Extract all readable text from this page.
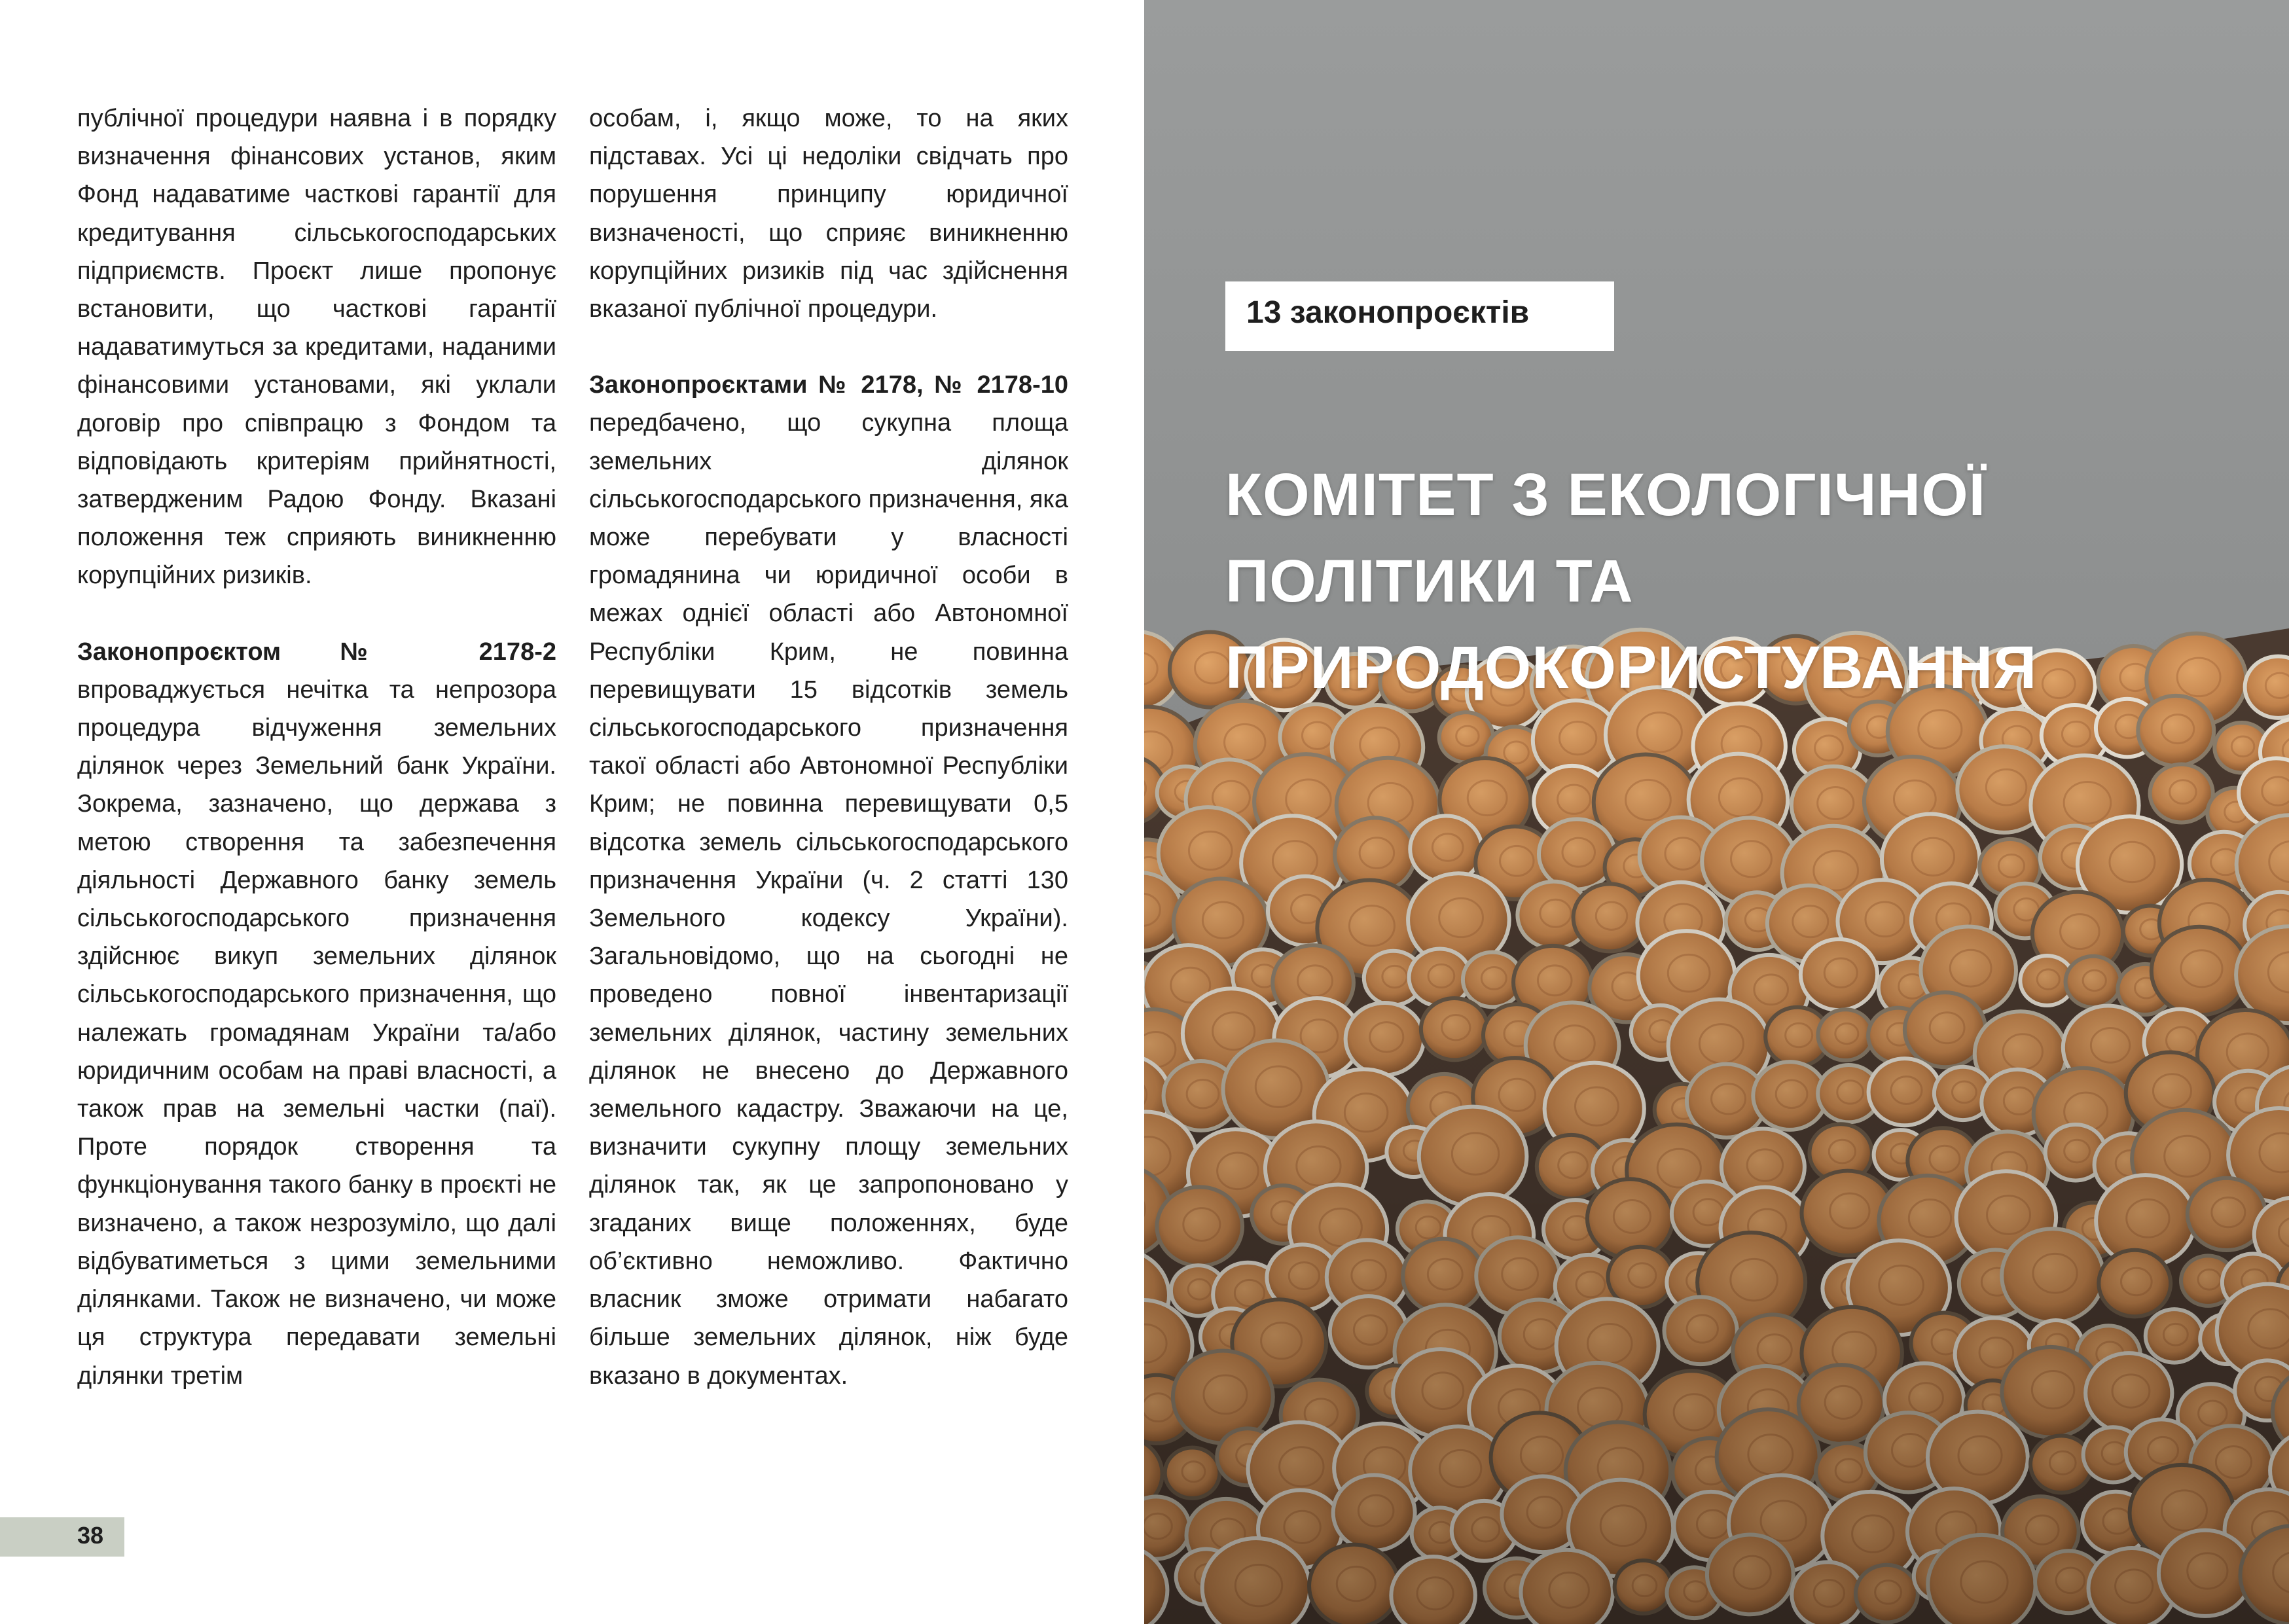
публічної процедури наявна і в порядку визначення фінансових установ, яким Фонд надаватиме часткові гарантії для кредитування сільськогосподарських підприємств. Проєкт лише пропонує встановити, що часткові гарантії надаватимуться за кредитами, наданими фінансовими установами, які уклали договір про співпрацю з Фондом та відповідають критеріям прийнятності, затвердженим Радою Фонду. Вказані положення теж сприяють виникненню корупційних ризиків.

Законопроєктом № 2178-2 впроваджується нечітка та непрозора процедура відчуження земельних ділянок через Земельний банк України. Зокрема, зазначено, що держава з метою створення та забезпечення діяльності Державного банку земель сільськогосподарського призначення здійснює викуп земельних ділянок сільськогосподарського призначення, що належать громадянам України та/або юридичним особам на праві власності, а також прав на земельні частки (паї). Проте порядок створення та функціонування такого банку в проєкті не визначено, а також незрозуміло, що далі відбуватиметься з цими земельними ділянками. Також не визначено, чи може ця структура передавати земельні ділянки третім

особам, і, якщо може, то на яких підставах. Усі ці недоліки свідчать про порушення принципу юридичної визначеності, що сприяє виникненню корупційних ризиків під час здійснення вказаної публічної процедури.

Законопроєктами № 2178, № 2178-10 передбачено, що сукупна площа земельних ділянок сільськогосподарського призначення, яка може перебувати у власності громадянина чи юридичної особи в межах однієї області або Автономної Республіки Крим, не повинна перевищувати 15 відсотків земель сільськогосподарського призначення такої області або Автономної Республіки Крим; не повинна перевищувати 0,5 відсотка земель сільськогосподарського призначення України (ч. 2 статті 130 Земельного кодексу України). Загальновідомо, що на сьогодні не проведено повної інвентаризації земельних ділянок, частину земельних ділянок не внесено до Державного земельного кадастру. Зважаючи на це, визначити сукупну площу земельних ділянок так, як це запропоновано у згаданих вище положеннях, буде об’єктивно неможливо. Фактично власник зможе отримати набагато більше земельних ділянок, ніж буде вказано в документах.

38
13 законопроєктів
КОМІТЕТ З ЕКОЛОГІЧНОЇ
ПОЛІТИКИ ТА
ПРИРОДОКОРИСТУВАННЯ
